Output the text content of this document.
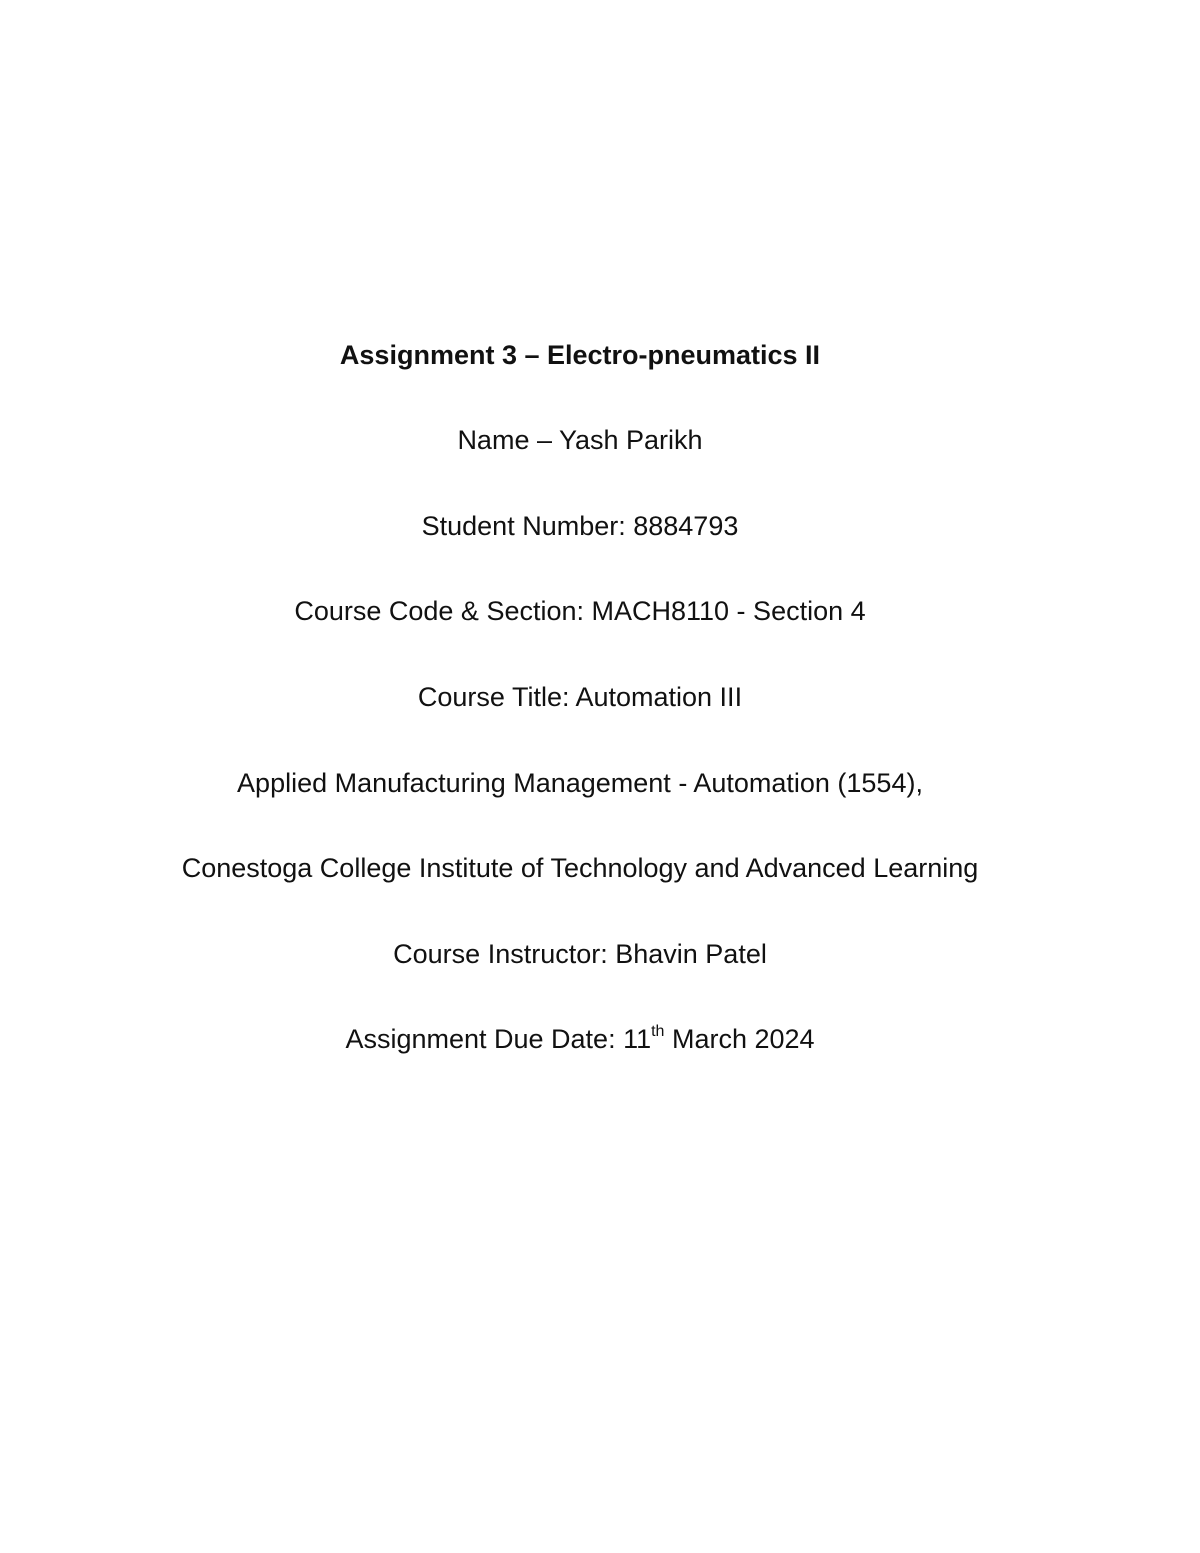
Assignment 3 – Electro-pneumatics II
Name – Yash Parikh
Student Number: 8884793
Course Code & Section: MACH8110 - Section 4
Course Title: Automation III
Applied Manufacturing Management - Automation (1554),
Conestoga College Institute of Technology and Advanced Learning
Course Instructor: Bhavin Patel
Assignment Due Date: 11th March 2024
